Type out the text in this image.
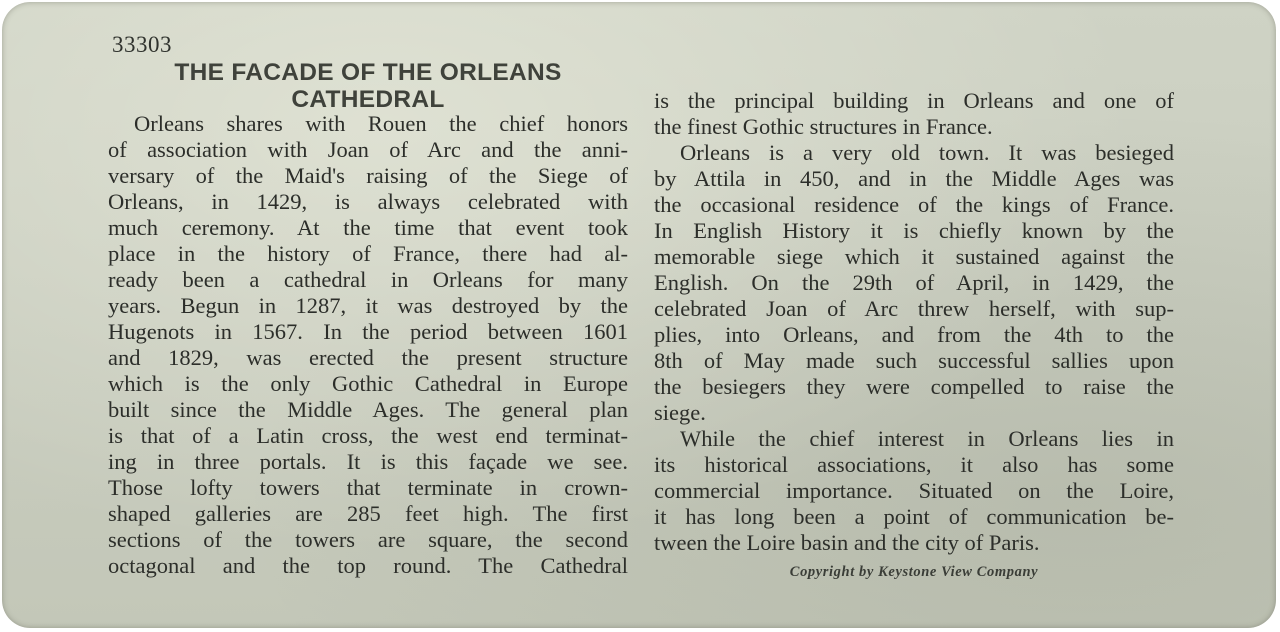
33303
THE FACADE OF THE ORLEANS
CATHEDRAL
Orleans shares with Rouen the chief honors
of association with Joan of Arc and the anni-
versary of the Maid's raising of the Siege of
Orleans, in 1429, is always celebrated with
much ceremony. At the time that event took
place in the history of France, there had al-
ready been a cathedral in Orleans for many
years. Begun in 1287, it was destroyed by the
Hugenots in 1567. In the period between 1601
and 1829, was erected the present structure
which is the only Gothic Cathedral in Europe
built since the Middle Ages. The general plan
is that of a Latin cross, the west end terminat-
ing in three portals. It is this façade we see.
Those lofty towers that terminate in crown-
shaped galleries are 285 feet high. The first
sections of the towers are square, the second
octagonal and the top round. The Cathedral
is the principal building in Orleans and one of
the finest Gothic structures in France.
Orleans is a very old town. It was besieged
by Attila in 450, and in the Middle Ages was
the occasional residence of the kings of France.
In English History it is chiefly known by the
memorable siege which it sustained against the
English. On the 29th of April, in 1429, the
celebrated Joan of Arc threw herself, with sup-
plies, into Orleans, and from the 4th to the
8th of May made such successful sallies upon
the besiegers they were compelled to raise the
siege.
While the chief interest in Orleans lies in
its historical associations, it also has some
commercial importance. Situated on the Loire,
it has long been a point of communication be-
tween the Loire basin and the city of Paris.
Copyright by Keystone View Company
